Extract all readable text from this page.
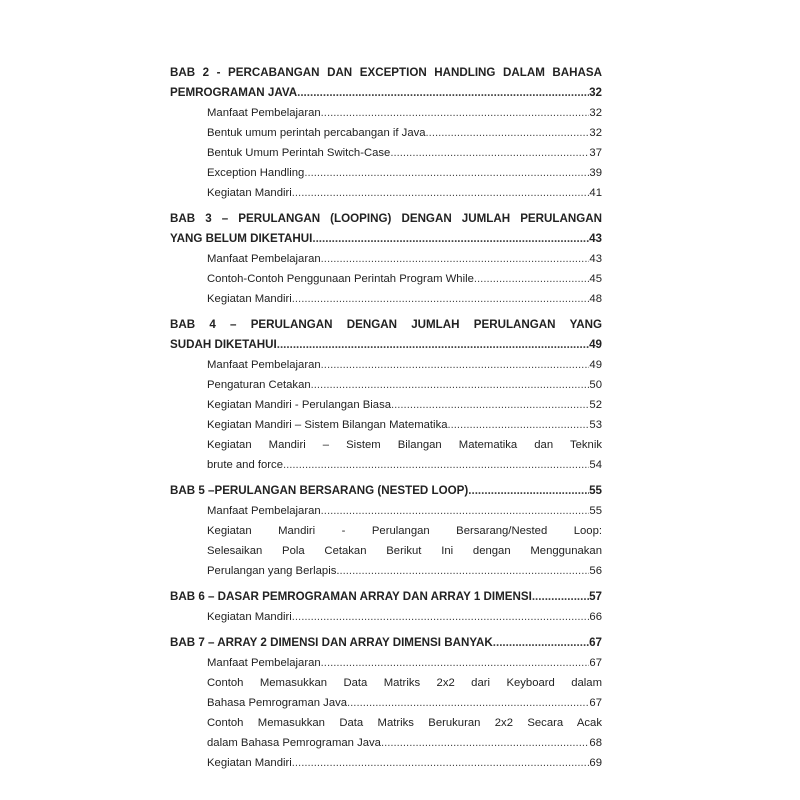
BAB 2 - PERCABANGAN DAN EXCEPTION HANDLING DALAM BAHASA
PEMROGRAMAN JAVA .....	32
Manfaat Pembelajaran .....	32
Bentuk umum perintah percabangan if Java .....	32
Bentuk Umum Perintah Switch-Case .....	37
Exception Handling .....	39
Kegiatan Mandiri .....	41
BAB 3 – PERULANGAN (LOOPING) DENGAN JUMLAH PERULANGAN
YANG BELUM DIKETAHUI .....	43
Manfaat Pembelajaran .....	43
Contoh-Contoh Penggunaan Perintah Program While .....	45
Kegiatan Mandiri .....	48
BAB 4 – PERULANGAN DENGAN JUMLAH PERULANGAN YANG
SUDAH DIKETAHUI .....	49
Manfaat Pembelajaran .....	49
Pengaturan Cetakan .....	50
Kegiatan Mandiri - Perulangan Biasa .....	52
Kegiatan Mandiri – Sistem Bilangan Matematika .....	53
Kegiatan Mandiri – Sistem Bilangan Matematika dan Teknik
brute and force .....	54
BAB 5 –PERULANGAN BERSARANG (NESTED LOOP) .....	55
Manfaat Pembelajaran .....	55
Kegiatan Mandiri - Perulangan Bersarang/Nested Loop:
Selesaikan Pola Cetakan Berikut Ini dengan Menggunakan
Perulangan yang Berlapis. .....	56
BAB 6 – DASAR PEMROGRAMAN ARRAY DAN ARRAY 1 DIMENSI .....	57
Kegiatan Mandiri .....	66
BAB 7 – ARRAY 2 DIMENSI DAN ARRAY DIMENSI BANYAK .....	67
Manfaat Pembelajaran .....	67
Contoh Memasukkan Data Matriks 2x2 dari Keyboard dalam
Bahasa Pemrograman Java .....	67
Contoh Memasukkan Data Matriks Berukuran 2x2 Secara Acak
dalam Bahasa Pemrograman Java .....	68
Kegiatan Mandiri .....	69
